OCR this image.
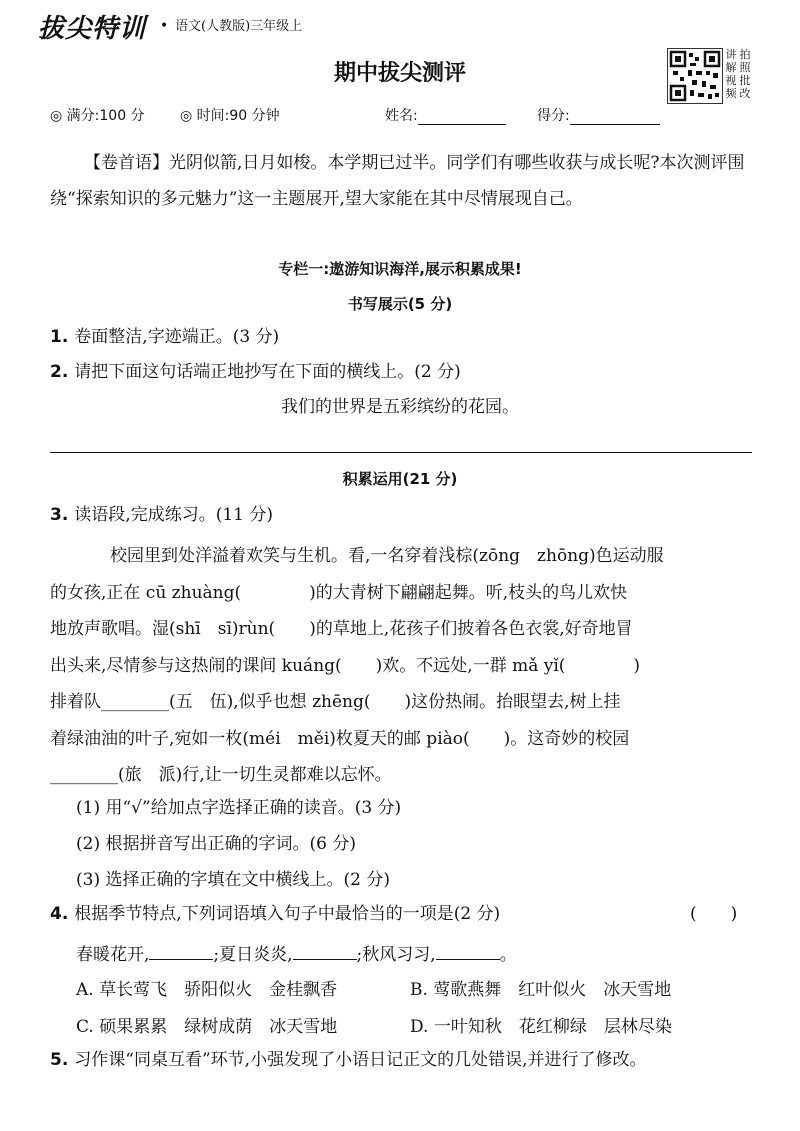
拔尖特训 • 语文(人教版)三年级上
期中拔尖测评
讲 拍解 照视 批频 改
◎ 满分:100 分	◎ 时间:90 分钟	姓名:	得分:
【卷首语】光阴似箭,日月如梭。本学期已过半。同学们有哪些收获与成长呢?本次测评围绕“探索知识的多元魅力”这一主题展开,望大家能在其中尽情展现自己。
专栏一:遨游知识海洋,展示积累成果!
书写展示(5 分)
1. 卷面整洁,字迹端正。(3 分)
2. 请把下面这句话端正地抄写在下面的横线上。(2 分)
我们的世界是五彩缤纷的花园。
积累运用(21 分)
3. 读语段,完成练习。(11 分)
校园里到处洋溢着欢笑与生机。看,一名穿着浅棕(zōng　zhōng)色运动服
的女孩,正在 cū zhuàng(　　　　)的大青树下翩翩起舞。听,枝头的鸟儿欢快
地放声歌唱。湿(shī　sī)rùn(　　)的草地上,花孩子们披着各色衣裳,好奇地冒
出头来,尽情参与这热闹的课间 kuáng(　　)欢。不远处,一群 mǎ yǐ(　　　　)
排着队________(五　伍),似乎也想 zhēng(　　)这份热闹。抬眼望去,树上挂
着绿油油的叶子,宛如一枚(méi　měi)枚夏天的邮 piào(　　)。这奇妙的校园
________(旅　派)行,让一切生灵都难以忘怀。
(1) 用“√”给加点字选择正确的读音。(3 分)
(2) 根据拼音写出正确的字词。(6 分)
(3) 选择正确的字填在文中横线上。(2 分)
4. 根据季节特点,下列词语填入句子中最恰当的一项是(2 分)	(　　)
春暖花开,	;夏日炎炎,	;秋风习习,	。
A. 草长莺飞　骄阳似火　金桂飘香	B. 莺歌燕舞　红叶似火　冰天雪地
C. 硕果累累　绿树成荫　冰天雪地	D. 一叶知秋　花红柳绿　层林尽染
5. 习作课“同桌互看”环节,小强发现了小语日记正文的几处错误,并进行了修改。
